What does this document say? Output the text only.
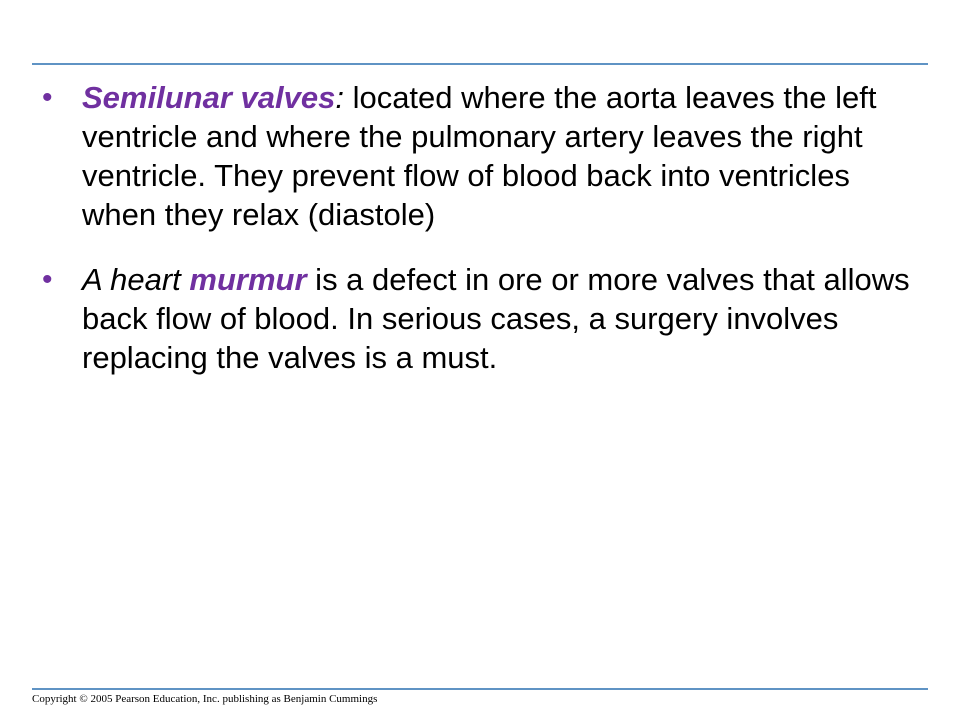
• Semilunar valves: located where the aorta leaves the left ventricle and where the pulmonary artery leaves the right ventricle. They prevent flow of blood back into ventricles when they relax (diastole)
• A heart murmur is a defect in ore or more valves that allows back flow of blood. In serious cases, a surgery involves replacing the valves is a must.
Copyright © 2005 Pearson Education, Inc. publishing as Benjamin Cummings
